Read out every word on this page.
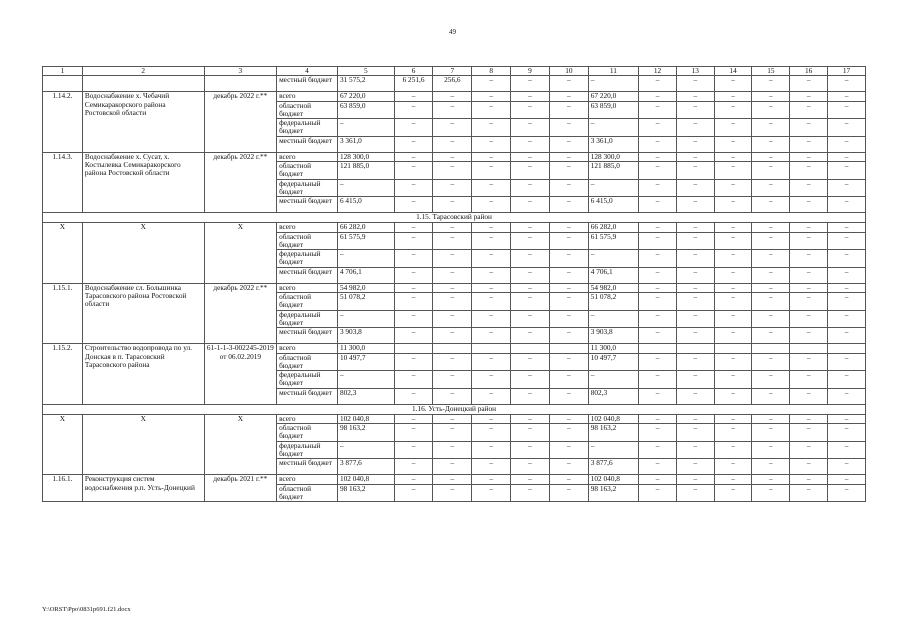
49
1	2	3	4	5	6	7	8	9	10	11	12	13	14	15	16	17
			местный бюджет	31 575,2	6 251,6	256,6	–	–	–	–	–	–	–	–	–	–
1.14.2.	Водоснабжение х. Чебачий Семикаракорского района Ростовской области	декабрь 2022 г.**	всего	67 220,0	–	–	–	–	–	67 220,0	–	–	–	–	–	–
			областной бюджет	63 859,0	–	–	–	–	–	63 859,0	–	–	–	–	–	–
			федеральный бюджет	–	–	–	–	–	–	–	–	–	–	–	–	–
			местный бюджет	3 361,0	–	–	–	–	–	3 361,0	–	–	–	–	–	–
1.14.3.	Водоснабжение х. Сусат, х. Костылевка Семикаракорского района Ростовской области	декабрь 2022 г.**	всего	128 300,0	–	–	–	–	–	128 300,0	–	–	–	–	–	–
			областной бюджет	121 885,0	–	–	–	–	–	121 885,0	–	–	–	–	–	–
			федеральный бюджет	–	–	–	–	–	–	–	–	–	–	–	–	–
			местный бюджет	6 415,0	–	–	–	–	–	6 415,0	–	–	–	–	–	–
1.15. Тарасовский район																
X	X	X	всего	66 282,0	–	–	–	–	–	66 282,0	–	–	–	–	–	–
			областной бюджет	61 575,9	–	–	–	–	–	61 575,9	–	–	–	–	–	–
			федеральный бюджет	–	–	–	–	–	–	–	–	–	–	–	–	–
			местный бюджет	4 706,1	–	–	–	–	–	4 706,1	–	–	–	–	–	–
1.15.1.	Водоснабжение сл. Большинка Тарасовского района Ростовской области	декабрь 2022 г.**	всего	54 982,0	–	–	–	–	–	54 982,0	–	–	–	–	–	–
			областной бюджет	51 078,2	–	–	–	–	–	51 078,2	–	–	–	–	–	–
			федеральный бюджет	–	–	–	–	–	–	–	–	–	–	–	–	–
			местный бюджет	3 903,8	–	–	–	–	–	3 903,8	–	–	–	–	–	–
1.15.2.	Строительство водопровода по ул. Донская в п. Тарасовский Тарасовского района	61-1-1-3-002245-2019 от 06.02.2019	всего	11 300,0						11 300,0						
			областной бюджет	10 497,7	–	–	–	–	–	10 497,7	–	–	–	–	–	–
			федеральный бюджет	–	–	–	–	–	–	–	–	–	–	–	–	–
			местный бюджет	802,3	–	–	–	–	–	802,3	–	–	–	–	–	–
1.16. Усть-Донецкий район																
X	X	X	всего	102 040,8	–	–	–	–	–	102 040,8	–	–	–	–	–	–
			областной бюджет	98 163,2	–	–	–	–	–	98 163,2	–	–	–	–	–	–
			федеральный бюджет	–	–	–	–	–	–	–	–	–	–	–	–	–
			местный бюджет	3 877,6	–	–	–	–	–	3 877,6	–	–	–	–	–	–
1.16.1.	Реконструкция систем водоснабжения р.п. Усть-Донецкий	декабрь 2021 г.**	всего	102 040,8	–	–	–	–	–	102 040,8	–	–	–	–	–	–
			областной бюджет	98 163,2	–	–	–	–	–	98 163,2	–	–	–	–	–	–
Y:\ORST\Ppo\0831p691.f21.docx
